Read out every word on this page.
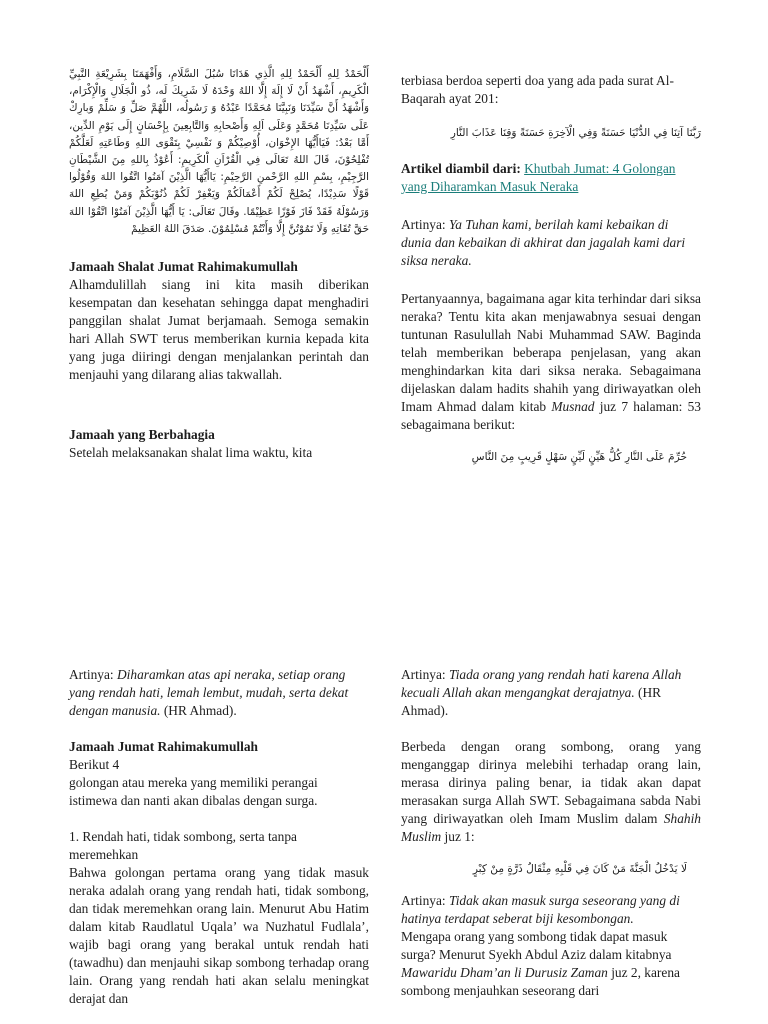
أَلْحَمْدُ لِلهِ أَلْحَمْدُ لِلهِ الَّذِي هَدَانَا سُبُلَ السَّلَامِ، وَأَفْهَمَنَا بِشَرِيْعَةِ النَّبِيِّ الْكَرِيمِ، أَشْهَدُ أَنْ لَا إِلَهَ إِلَّا اللهُ وَحْدَهُ لَا شَرِيكَ لَه، ذُو الْجَلَالِ وَالْإِكْرَام، وَأَشْهَدُ أَنَّ سَيِّدَنَا وَنَبِيَّنَا مُحَمَّدًا عَبْدُهُ وَ رَسُولُه، اللَّهُمَّ صَلِّ وَ سَلِّمْ وَبارِكْ عَلَى سَيِّدِنَا مُحَمَّدٍ وَعَلَى اَلِهِ وَأَصْحابِهِ وَالتَّابِعِينَ بِإِحْسَانٍ إِلَى يَوْمِ الدِّين، أَمَّا بَعْدُ: فَيَاأَيُّهَا الإِخْوَان، أُوْصِيْكُمْ وَ نَفْسِيْ بِتَقْوَى اللهِ وَطَاعَتِهِ لَعَلَّكُمْ تُفْلِحُوْنَ، قَالَ اللهُ تَعَالَى فِي الْقُرْاَنِ اْلكَرِيمِ: أَعُوْذُ بِاللهِ مِنَ الشَّيْطَانِ الرَّجِيْمِ، بِسْمِ اللهِ الرَّحْمنِ الرَّحِيْمِ: يَاأَيُّهَا الَّذِيْنَ آمَنُوا اتَّقُوا اللهَ وَقُوْلُوا قَوْلًا سَدِيْدًا، يُصْلِحْ لَكُمْ أَعْمَالَكُمْ وَيَغْفِرْ لَكُمْ ذُنُوْبَكُمْ وَمَنْ يُطِعِ اللهَ وَرَسُوْلَهُ فَقَدْ فَازَ فَوْزًا عَظِيْمًا. وقَالَ تَعَالَى: يَا أَيُّهَا الَّذِيْنَ آمَنُوْا اتَّقُوْا اللهَ حَقَّ تُقَاتِهِ وَلَا تَمُوْتُنَّ إِلَّا وَأَنْتُمْ مُسْلِمُوْنَ. صَدَقَ اللهُ العَظِيمْ

Jamaah Shalat Jumat Rahimakumullah

Alhamdulillah siang ini kita masih diberikan kesempatan dan kesehatan sehingga dapat menghadiri panggilan shalat Jumat berjamaah. Semoga semakin hari Allah SWT terus memberikan kurnia kepada kita yang juga diiringi dengan menjalankan perintah dan menjauhi yang dilarang alias takwallah.

Jamaah yang Berbahagia

Setelah melaksanakan shalat lima waktu, kita

terbiasa berdoa seperti doa yang ada pada surat Al-Baqarah ayat 201:

رَبَّنَا آتِنَا فِي الدُّنْيَا حَسَنَةً وَفِي الْآخِرَةِ حَسَنَةً وَقِنَا عَذَابَ النَّارِ

Artikel diambil dari: Khutbah Jumat: 4 Golongan yang Diharamkan Masuk Neraka

Artinya: Ya Tuhan kami, berilah kami kebaikan di dunia dan kebaikan di akhirat dan jagalah kami dari siksa neraka.

Pertanyaannya, bagaimana agar kita terhindar dari siksa neraka? Tentu kita akan menjawabnya sesuai dengan tuntunan Rasulullah Nabi Muhammad SAW. Baginda telah memberikan beberapa penjelasan, yang akan menghindarkan kita dari siksa neraka. Sebagaimana dijelaskan dalam hadits shahih yang diriwayatkan oleh Imam Ahmad dalam kitab Musnad juz 7 halaman: 53 sebagaimana berikut:

حُرِّمَ عَلَى النَّارِ كُلُّ هَيِّنٍ لَيِّنٍ سَهْلٍ قَرِيبٍ مِنَ النَّاسِ

Artinya: Diharamkan atas api neraka, setiap orang yang rendah hati, lemah lembut, mudah, serta dekat dengan manusia. (HR Ahmad).

Jamaah Jumat Rahimakumullah

Berikut 4

golongan atau mereka yang memiliki perangai istimewa dan nanti akan dibalas dengan surga.

1. Rendah hati, tidak sombong, serta tanpa meremehkan

Bahwa golongan pertama orang yang tidak masuk neraka adalah orang yang rendah hati, tidak sombong, dan tidak meremehkan orang lain. Menurut Abu Hatim dalam kitab Raudlatul Uqala’ wa Nuzhatul Fudlala’, wajib bagi orang yang berakal untuk rendah hati (tawadhu) dan menjauhi sikap sombong terhadap orang lain. Orang yang rendah hati akan selalu meningkat derajat dan

Artinya: Tiada orang yang rendah hati karena Allah kecuali Allah akan mengangkat derajatnya. (HR Ahmad).

Berbeda dengan orang sombong, orang yang menganggap dirinya melebihi terhadap orang lain, merasa dirinya paling benar, ia tidak akan dapat merasakan surga Allah SWT. Sebagaimana sabda Nabi yang diriwayatkan oleh Imam Muslim dalam Shahih Muslim juz 1:

لَا يَدْخُلُ الْجَنَّةَ مَنْ كَانَ فِي قَلْبِهِ مِثْقَالُ ذَرَّةٍ مِنْ كِبْرٍ

Artinya: Tidak akan masuk surga seseorang yang di hatinya terdapat seberat biji kesombongan.

Mengapa orang yang sombong tidak dapat masuk surga? Menurut Syekh Abdul Aziz dalam kitabnya Mawaridu Dham’an li Durusiz Zaman juz 2, karena sombong menjauhkan seseorang dari
